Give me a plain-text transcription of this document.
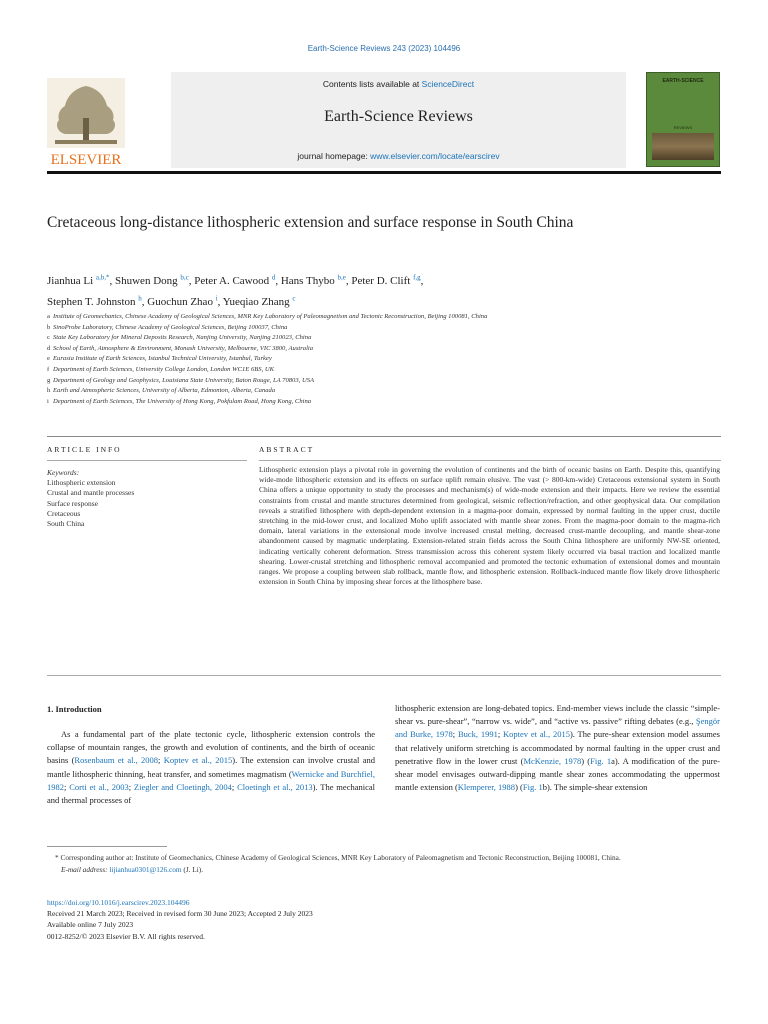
Earth-Science Reviews 243 (2023) 104496
ELSEVIER
Contents lists available at ScienceDirect
Earth-Science Reviews
journal homepage: www.elsevier.com/locate/earscirev
EARTH-SCIENCE
REVIEWS
Cretaceous long-distance lithospheric extension and surface response in South China
Jianhua Li $^{a,b,*}$, Shuwen Dong $^{b,c}$, Peter A. Cawood $^d$, Hans Thybo $^{b,e}$, Peter D. Clift $^{f,g}$,
Stephen T. Johnston $^h$, Guochun Zhao $^i$, Yueqiao Zhang $^c$
a Institute of Geomechanics, Chinese Academy of Geological Sciences, MNR Key Laboratory of Paleomagnetism and Tectonic Reconstruction, Beijing 100081, China
b SinoProbe Laboratory, Chinese Academy of Geological Sciences, Beijing 100037, China
c State Key Laboratory for Mineral Deposits Research, Nanjing University, Nanjing 210023, China
d School of Earth, Atmosphere & Environment, Monash University, Melbourne, VIC 3800, Australia
e Eurasia Institute of Earth Sciences, Istanbul Technical University, Istanbul, Turkey
f Department of Earth Sciences, University College London, London WC1E 6BS, UK
g Department of Geology and Geophysics, Louisiana State University, Baton Rouge, LA 70803, USA
h Earth and Atmospheric Sciences, University of Alberta, Edmonton, Alberta, Canada
i Department of Earth Sciences, The University of Hong Kong, Pokfulam Road, Hong Kong, China
ARTICLE INFO	ABSTRACT
Keywords:
Lithospheric extension
Crustal and mantle processes
Surface response
Cretaceous
South China
Lithospheric extension plays a pivotal role in governing the evolution of continents and the birth of oceanic basins on Earth. Despite this, quantifying wide-mode lithospheric extension and its effects on surface uplift remain elusive. The vast (> 800-km-wide) Cretaceous extensional system in South China offers a unique opportunity to study the processes and mechanism(s) of wide-mode extension and their impacts. Here we review the essential constraints from crustal and mantle structures determined from geological, seismic reflection/refraction, and other geophysical data. Our compilation reveals a stratified lithosphere with depth-dependent extension in a magma-poor domain, expressed by normal faulting in the upper crust, ductile stretching in the mid-lower crust, and localized Moho uplift associated with mantle shear zones. From the magma-poor domain to the magma-rich domain, lateral variations in the extensional mode involve increased crustal melting, decreased crust-mantle decoupling, and mantle shear-zone abandonment caused by magmatic underplating. Extension-related strain fields across the South China lithosphere are uniformly NW-SE oriented, indicating vertically coherent deformation. Stress transmission across this coherent system likely occurred via basal traction and localized mantle shearing. Lower-crustal stretching and lithospheric removal accompanied and promoted the tectonic exhumation of extensional domes and mountain ranges. We propose a coupling between slab rollback, mantle flow, and lithospheric extension. Rollback-induced mantle flow likely drove lithospheric extension in South China by imposing shear forces at the lithosphere base.
1. Introduction
As a fundamental part of the plate tectonic cycle, lithospheric extension controls the collapse of mountain ranges, the growth and evolution of continents, and the birth of oceanic basins (Rosenbaum et al., 2008; Koptev et al., 2015). The extension can involve crustal and mantle lithospheric thinning, heat transfer, and sometimes magmatism (Wernicke and Burchfiel, 1982; Corti et al., 2003; Ziegler and Cloetingh, 2004; Cloetingh et al., 2013). The mechanical and thermal processes of
lithospheric extension are long-debated topics. End-member views include the classic “simple-shear vs. pure-shear”, “narrow vs. wide”, and “active vs. passive” rifting debates (e.g., Şengör and Burke, 1978; Buck, 1991; Koptev et al., 2015). The pure-shear extension model assumes that relatively uniform stretching is accommodated by normal faulting in the upper crust and penetrative flow in the lower crust (McKenzie, 1978) (Fig. 1a). A modification of the pure-shear model envisages outward-dipping mantle shear zones accommodating the uppermost mantle extension (Klemperer, 1988) (Fig. 1b). The simple-shear extension
* Corresponding author at: Institute of Geomechanics, Chinese Academy of Geological Sciences, MNR Key Laboratory of Paleomagnetism and Tectonic Reconstruction, Beijing 100081, China.
E-mail address: lijianhua0301@126.com (J. Li).
https://doi.org/10.1016/j.earscirev.2023.104496
Received 21 March 2023; Received in revised form 30 June 2023; Accepted 2 July 2023
Available online 7 July 2023
0012-8252/© 2023 Elsevier B.V. All rights reserved.
